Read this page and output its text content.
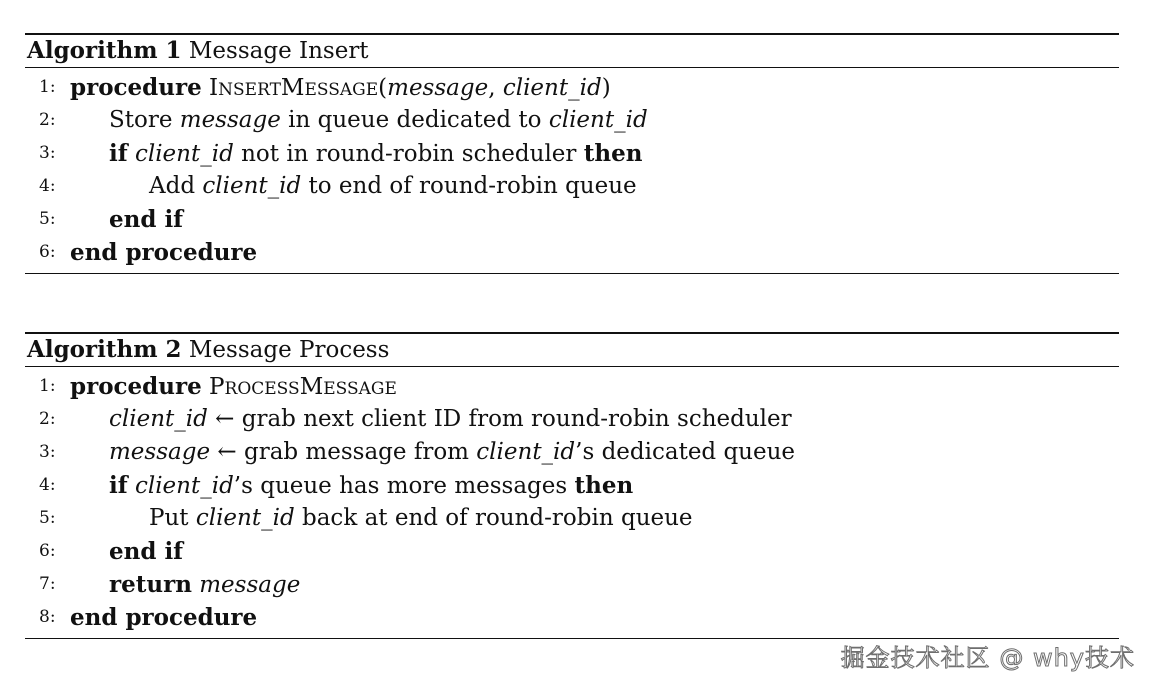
Algorithm 1 Message Insert
1: procedure INSERTMESSAGE(message, client_id)
2: Store message in queue dedicated to client_id
3: if client_id not in round-robin scheduler then
4:	Add client_id to end of round-robin queue
5: end if
6: end procedure
Algorithm 2 Message Process
1: procedure PROCESSMESSAGE
2: client_id ← grab next client ID from round-robin scheduler
3: message ← grab message from client_id’s dedicated queue
4: if client_id’s queue has more messages then
5:	Put client_id back at end of round-robin queue
6: end if
7: return message
8: end procedure
掘金技术社区 @ why技术
